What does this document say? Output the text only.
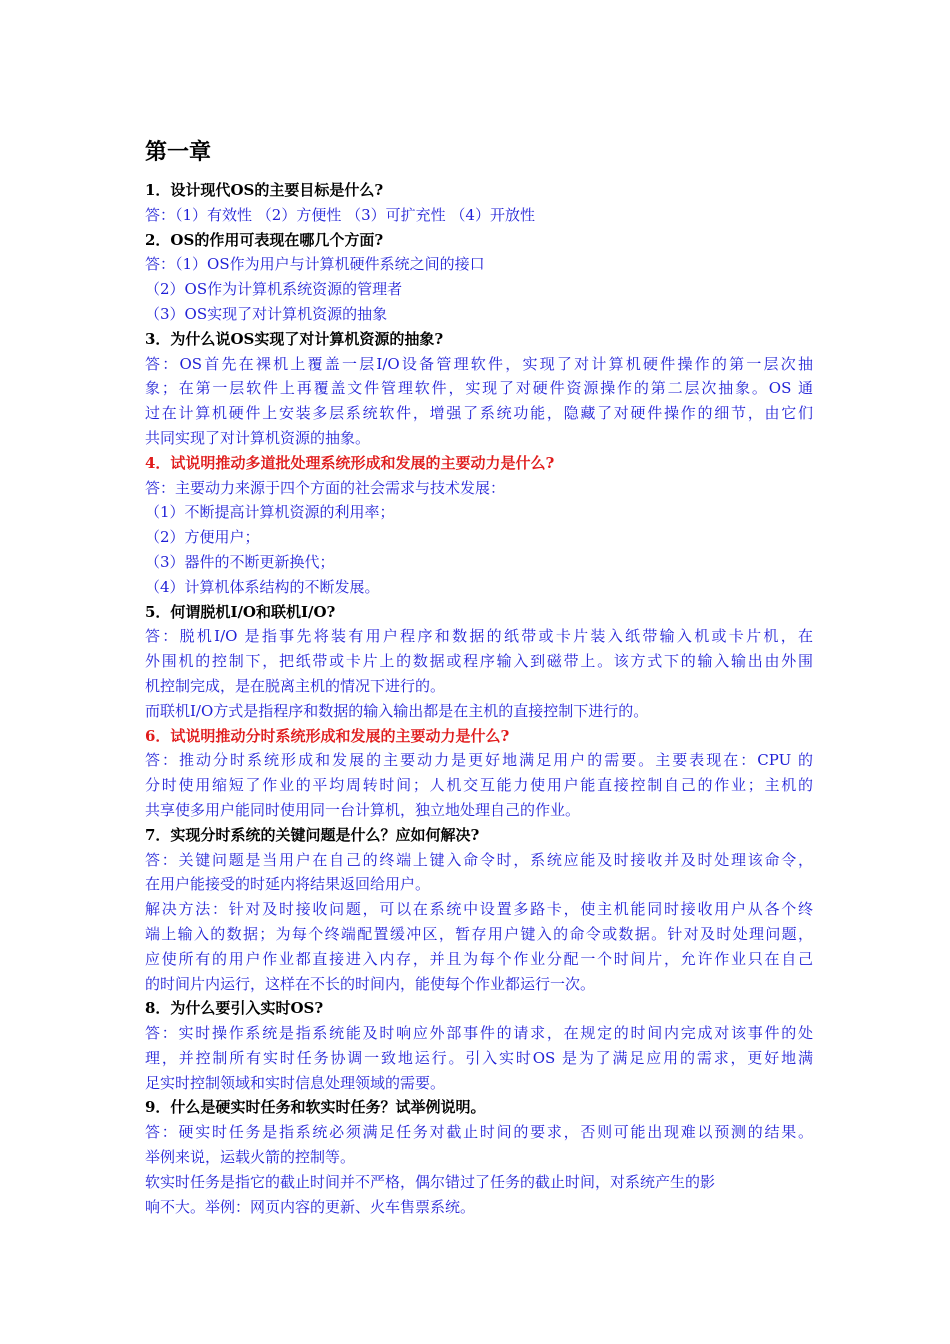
第一章
1．设计现代OS的主要目标是什么?
答：（1）有效性 （2）方便性 （3）可扩充性 （4）开放性
2．OS的作用可表现在哪几个方面?
答：（1）OS作为用户与计算机硬件系统之间的接口
（2）OS作为计算机系统资源的管理者
（3）OS实现了对计算机资源的抽象
3．为什么说OS实现了对计算机资源的抽象?
答：OS首先在裸机上覆盖一层I/O设备管理软件，实现了对计算机硬件操作的第一层次抽
象；在第一层软件上再覆盖文件管理软件，实现了对硬件资源操作的第二层次抽象。OS 通
过在计算机硬件上安装多层系统软件，增强了系统功能，隐藏了对硬件操作的细节，由它们
共同实现了对计算机资源的抽象。
4．试说明推动多道批处理系统形成和发展的主要动力是什么?
答：主要动力来源于四个方面的社会需求与技术发展：
（1）不断提高计算机资源的利用率；
（2）方便用户；
（3）器件的不断更新换代；
（4）计算机体系结构的不断发展。
5．何谓脱机I/O和联机I/O?
答：脱机I/O 是指事先将装有用户程序和数据的纸带或卡片装入纸带输入机或卡片机，在
外围机的控制下，把纸带或卡片上的数据或程序输入到磁带上。该方式下的输入输出由外围
机控制完成，是在脱离主机的情况下进行的。
而联机I/O方式是指程序和数据的输入输出都是在主机的直接控制下进行的。
6．试说明推动分时系统形成和发展的主要动力是什么?
答：推动分时系统形成和发展的主要动力是更好地满足用户的需要。主要表现在：CPU 的
分时使用缩短了作业的平均周转时间；人机交互能力使用户能直接控制自己的作业；主机的
共享使多用户能同时使用同一台计算机，独立地处理自己的作业。
7．实现分时系统的关键问题是什么？应如何解决?
答：关键问题是当用户在自己的终端上键入命令时，系统应能及时接收并及时处理该命令，
在用户能接受的时延内将结果返回给用户。
解决方法：针对及时接收问题，可以在系统中设置多路卡，使主机能同时接收用户从各个终
端上输入的数据；为每个终端配置缓冲区，暂存用户键入的命令或数据。针对及时处理问题，
应使所有的用户作业都直接进入内存，并且为每个作业分配一个时间片，允许作业只在自己
的时间片内运行，这样在不长的时间内，能使每个作业都运行一次。
8．为什么要引入实时OS?
答：实时操作系统是指系统能及时响应外部事件的请求，在规定的时间内完成对该事件的处
理，并控制所有实时任务协调一致地运行。引入实时OS 是为了满足应用的需求，更好地满
足实时控制领域和实时信息处理领域的需要。
9．什么是硬实时任务和软实时任务？试举例说明。
答：硬实时任务是指系统必须满足任务对截止时间的要求，否则可能出现难以预测的结果。
举例来说，运载火箭的控制等。
软实时任务是指它的截止时间并不严格，偶尔错过了任务的截止时间，对系统产生的影
响不大。举例：网页内容的更新、火车售票系统。
